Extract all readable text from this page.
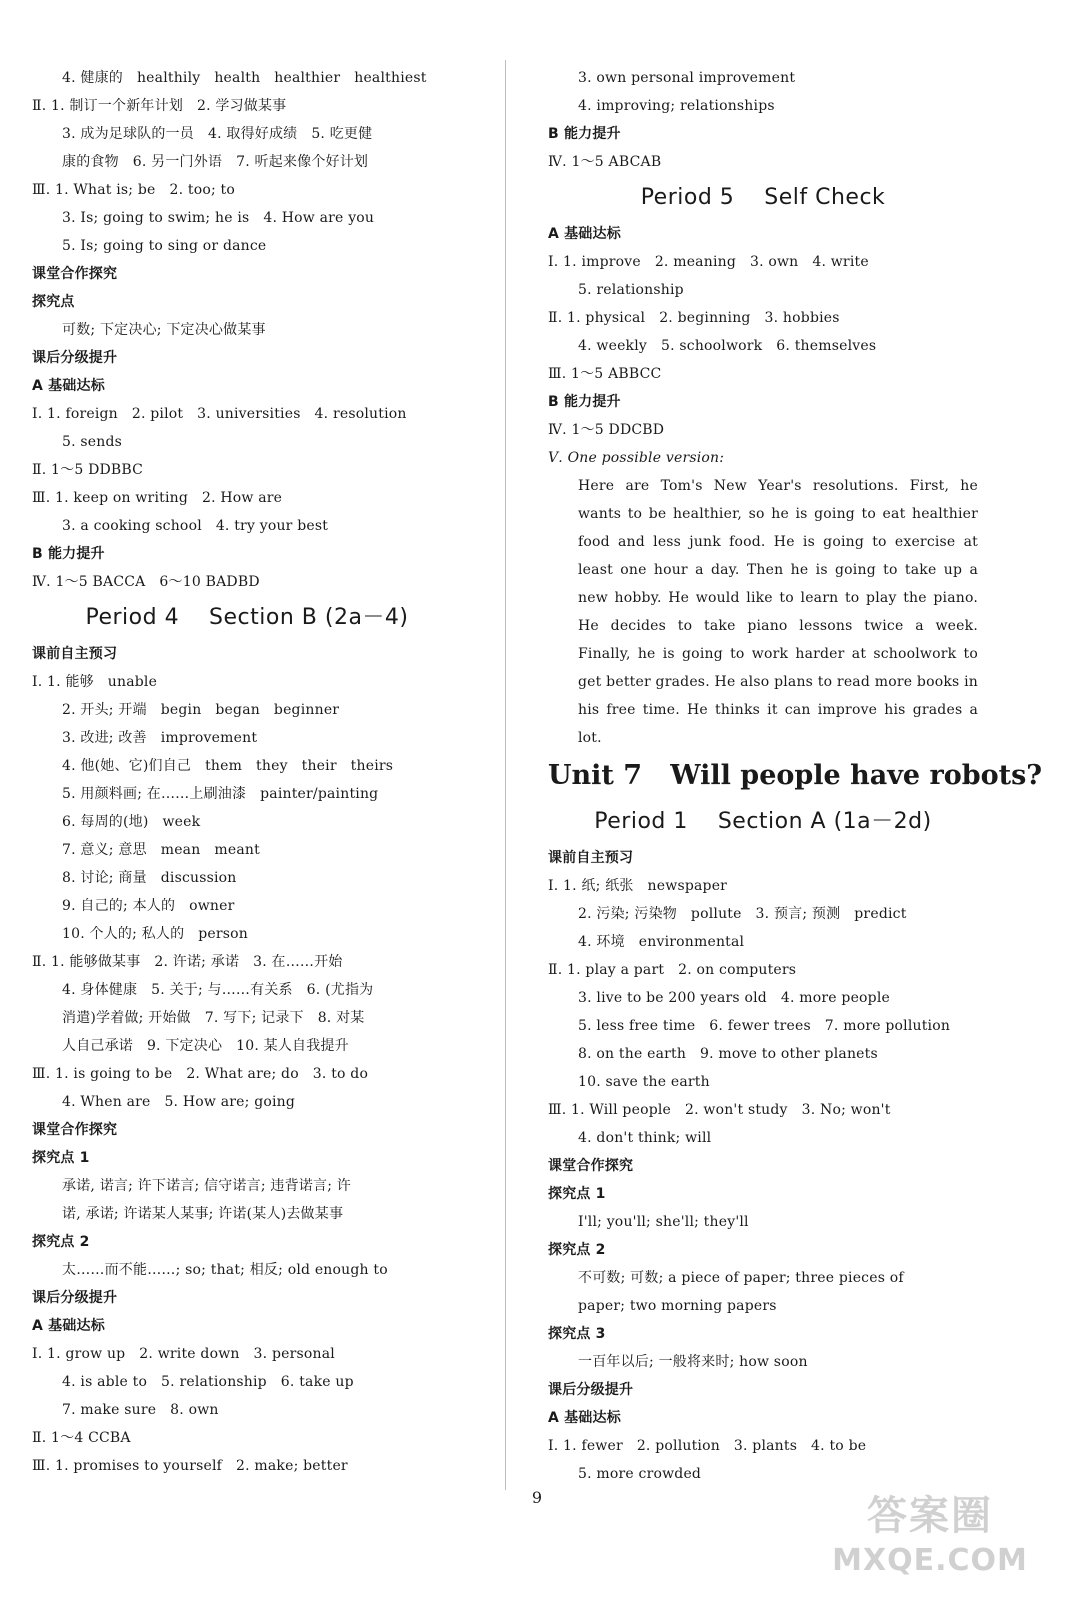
4. 健康的   healthily   health   healthier   healthiest
Ⅱ. 1. 制订一个新年计划   2. 学习做某事
3. 成为足球队的一员   4. 取得好成绩   5. 吃更健
康的食物   6. 另一门外语   7. 听起来像个好计划
Ⅲ. 1. What is; be   2. too; to
3. Is; going to swim; he is   4. How are you
5. Is; going to sing or dance
课堂合作探究
探究点
可数; 下定决心; 下定决心做某事
课后分级提升
A 基础达标
Ⅰ. 1. foreign   2. pilot   3. universities   4. resolution
5. sends
Ⅱ. 1～5 DDBBC
Ⅲ. 1. keep on writing   2. How are
3. a cooking school   4. try your best
B 能力提升
Ⅳ. 1～5 BACCA   6～10 BADBD
Period 4    Section B (2a－4)
课前自主预习
Ⅰ. 1. 能够   unable
2. 开头; 开端   begin   began   beginner
3. 改进; 改善   improvement
4. 他(她、它)们自己   them   they   their   theirs
5. 用颜料画; 在……上刷油漆   painter/painting
6. 每周的(地)   week
7. 意义; 意思   mean   meant
8. 讨论; 商量   discussion
9. 自己的; 本人的   owner
10. 个人的; 私人的   person
Ⅱ. 1. 能够做某事   2. 许诺; 承诺   3. 在……开始
4. 身体健康   5. 关于; 与……有关系   6. (尤指为
消遣)学着做; 开始做   7. 写下; 记录下   8. 对某
人自己承诺   9. 下定决心   10. 某人自我提升
Ⅲ. 1. is going to be   2. What are; do   3. to do
4. When are   5. How are; going
课堂合作探究
探究点 1
承诺, 诺言; 许下诺言; 信守诺言; 违背诺言; 许
诺, 承诺; 许诺某人某事; 许诺(某人)去做某事
探究点 2
太……而不能……; so; that; 相反; old enough to
课后分级提升
A 基础达标
Ⅰ. 1. grow up   2. write down   3. personal
4. is able to   5. relationship   6. take up
7. make sure   8. own
Ⅱ. 1～4 CCBA
Ⅲ. 1. promises to yourself   2. make; better
3. own personal improvement
4. improving; relationships
B 能力提升
Ⅳ. 1～5 ABCAB
Period 5    Self Check
A 基础达标
Ⅰ. 1. improve   2. meaning   3. own   4. write
5. relationship
Ⅱ. 1. physical   2. beginning   3. hobbies
4. weekly   5. schoolwork   6. themselves
Ⅲ. 1～5 ABBCC
B 能力提升
Ⅳ. 1～5 DDCBD
Ⅴ. One possible version:
Here are Tom's New Year's resolutions. First, he wants to be healthier, so he is going to eat healthier food and less junk food. He is going to exercise at least one hour a day. Then he is going to take up a new hobby. He would like to learn to play the piano. He decides to take piano lessons twice a week. Finally, he is going to work harder at schoolwork to get better grades. He also plans to read more books in his free time. He thinks it can improve his grades a lot.
Unit 7   Will people have robots?
Period 1    Section A (1a－2d)
课前自主预习
Ⅰ. 1. 纸; 纸张   newspaper
2. 污染; 污染物   pollute   3. 预言; 预测   predict
4. 环境   environmental
Ⅱ. 1. play a part   2. on computers
3. live to be 200 years old   4. more people
5. less free time   6. fewer trees   7. more pollution
8. on the earth   9. move to other planets
10. save the earth
Ⅲ. 1. Will people   2. won't study   3. No; won't
4. don't think; will
课堂合作探究
探究点 1
I'll; you'll; she'll; they'll
探究点 2
不可数; 可数; a piece of paper; three pieces of
paper; two morning papers
探究点 3
一百年以后; 一般将来时; how soon
课后分级提升
A 基础达标
Ⅰ. 1. fewer   2. pollution   3. plants   4. to be
5. more crowded
9	答案圈
MXQE.COM
